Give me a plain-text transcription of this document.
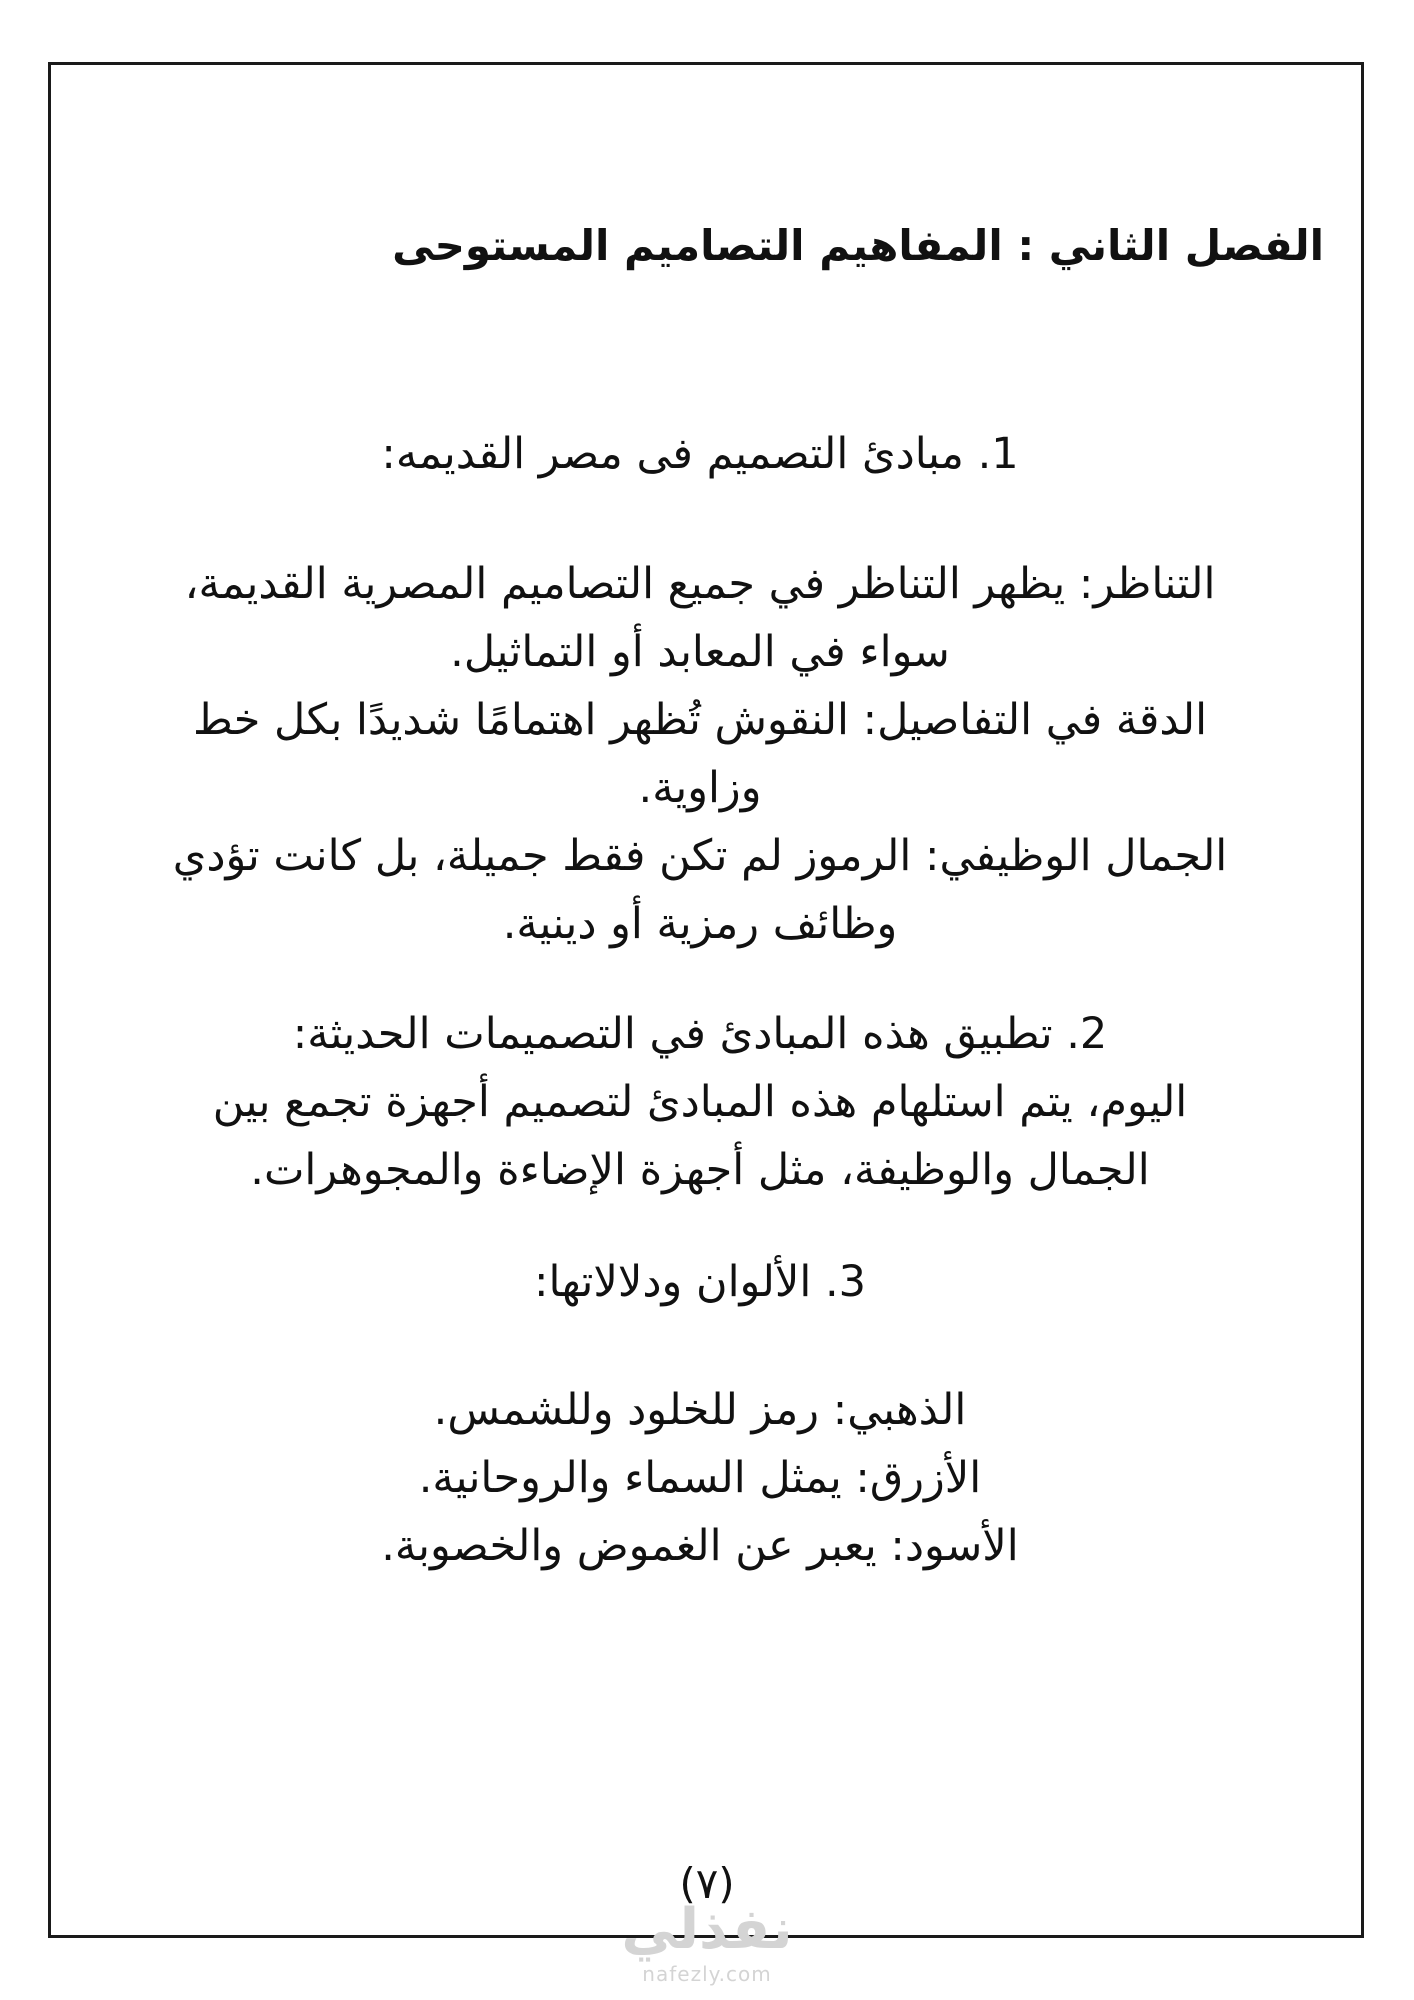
الفصل الثاني : المفاهيم التصاميم المستوحى

1. مبادئ التصميم فى مصر القديمه:

التناظر: يظهر التناظر في جميع التصاميم المصرية القديمة،

سواء في المعابد أو التماثيل.

الدقة في التفاصيل: النقوش تُظهر اهتمامًا شديدًا بكل خط

وزاوية.

الجمال الوظيفي: الرموز لم تكن فقط جميلة، بل كانت تؤدي

وظائف رمزية أو دينية.

2. تطبيق هذه المبادئ في التصميمات الحديثة:

اليوم، يتم استلهام هذه المبادئ لتصميم أجهزة تجمع بين

الجمال والوظيفة، مثل أجهزة الإضاءة والمجوهرات.

3. الألوان ودلالاتها:

الذهبي: رمز للخلود وللشمس.

الأزرق: يمثل السماء والروحانية.

الأسود: يعبر عن الغموض والخصوبة.

(٧)
نفذلي
nafezly.com
